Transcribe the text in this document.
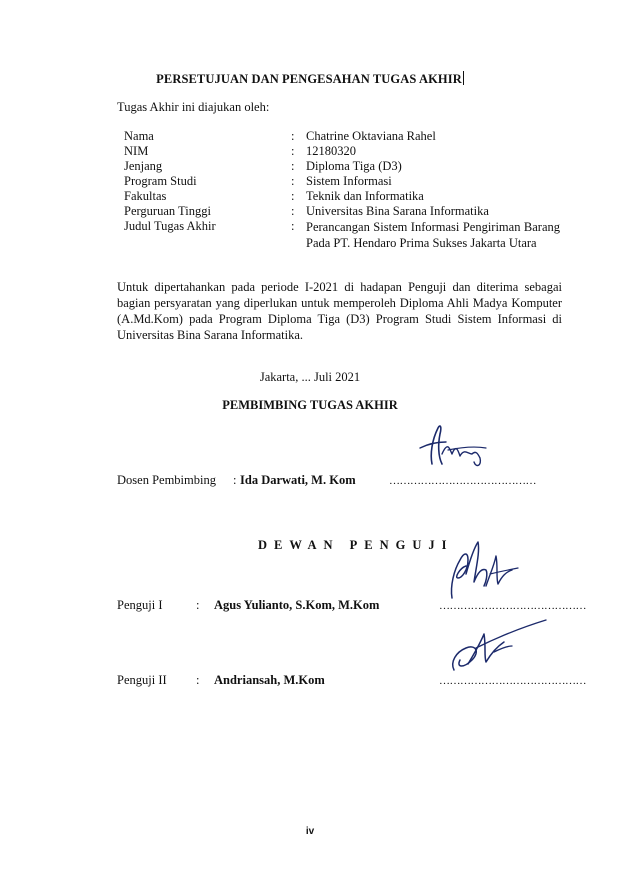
PERSETUJUAN DAN PENGESAHAN TUGAS AKHIR
Tugas Akhir ini diajukan oleh:
Nama	: Chatrine Oktaviana Rahel
NIM	: 12180320
Jenjang	: Diploma Tiga (D3)
Program Studi	: Sistem Informasi
Fakultas	: Teknik dan Informatika
Perguruan Tinggi	: Universitas Bina Sarana Informatika
Judul Tugas Akhir	: Perancangan Sistem Informasi Pengiriman Barang Pada PT. Hendaro Prima Sukses Jakarta Utara
Untuk dipertahankan pada periode I-2021 di hadapan Penguji dan diterima sebagai bagian persyaratan yang diperlukan untuk memperoleh Diploma Ahli Madya Komputer (A.Md.Kom) pada Program Diploma Tiga (D3) Program Studi Sistem Informasi di Universitas Bina Sarana Informatika.
Jakarta, ... Juli 2021
PEMBIMBING TUGAS AKHIR
Dosen Pembimbing : Ida Darwati, M. Kom	……………………………………
DEWAN PENGUJI
Penguji I	: Agus Yulianto, S.Kom, M.Kom	……………………………………
Penguji II : Andriansah, M.Kom	……………………………………
iv
